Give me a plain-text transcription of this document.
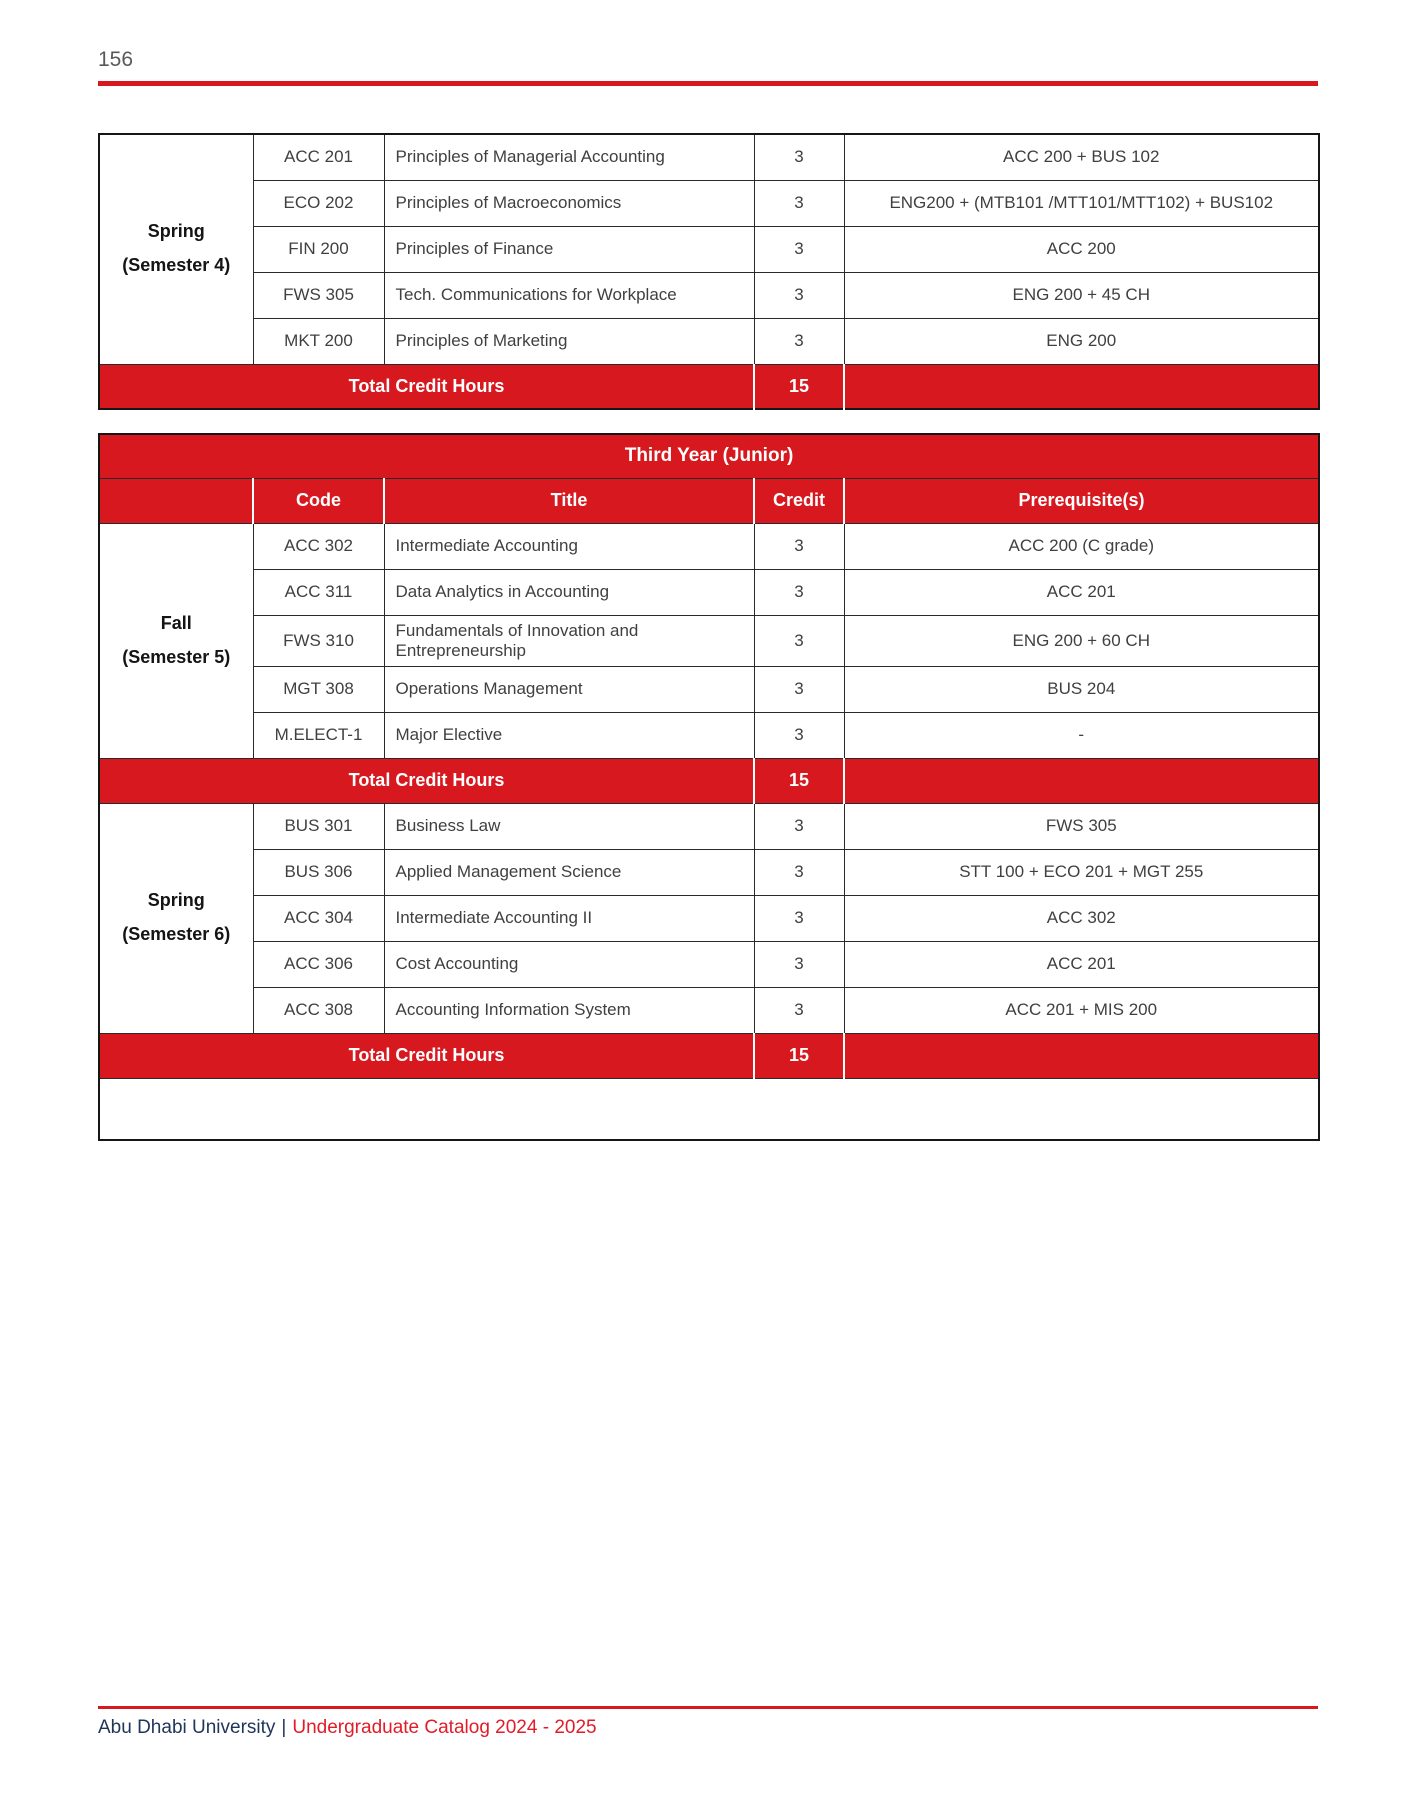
156
Spring
(Semester 4)	ACC 201	Principles of Managerial Accounting	3	ACC 200 + BUS 102
	ECO 202	Principles of Macroeconomics	3	ENG200 + (MTB101 /MTT101/MTT102) + BUS102
	FIN 200	Principles of Finance	3	ACC 200
	FWS 305	Tech. Communications for Workplace	3	ENG 200 + 45 CH
	MKT 200	Principles of Marketing	3	ENG 200
Total Credit Hours			15	
Third Year (Junior)				
	Code	Title	Credit	Prerequisite(s)

Fall
(Semester 5)	ACC 302	Intermediate Accounting	3	ACC 200 (C grade)
	ACC 311	Data Analytics in Accounting	3	ACC 201
	FWS 310	Fundamentals of Innovation and Entrepreneurship	3	ENG 200 + 60 CH
	MGT 308	Operations Management	3	BUS 204
	M.ELECT-1	Major Elective	3	-
Total Credit Hours			15	

Spring
(Semester 6)	BUS 301	Business Law	3	FWS 305
	BUS 306	Applied Management Science	3	STT 100 + ECO 201 + MGT 255
	ACC 304	Intermediate Accounting II	3	ACC 302
	ACC 306	Cost Accounting	3	ACC 201
	ACC 308	Accounting Information System	3	ACC 201 + MIS 200
Total Credit Hours			15	

Abu Dhabi University | Undergraduate Catalog 2024 - 2025
